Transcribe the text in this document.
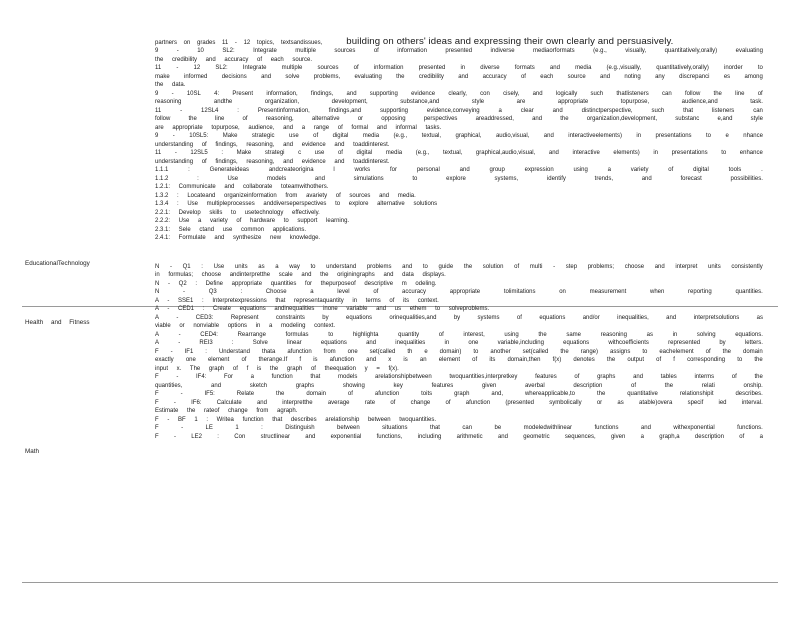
EducationalTechnology
Health and Fitness
Math
partners on grades 11 - 12 topics, textsandissues,	building on others' ideas and expressing their own clearly and persuasively.
9	-	10	SL2:	Integrate	multiple	sources	of	information	presented	indiverse	mediaorformats	(e.g.,	visually,	quantitatively,orally)	evaluating
the credibility and accuracy of each source.
11	-	12	SL2:	Integrate	multiple	sources	of	information	presented	in	diverse	formats	and	media	(e.g.,visually,	quantitatively,orally)	inorder	to
make informed decisions and solve problems, evaluating the credibility and accuracy of each source and noting any discrepanci es among
the data.
9 - 10SL 4: Present information, findings, and supporting evidence clearly, con cisely, and logically such thatlisteners can follow the line of
reasoning	andthe	organization,	development,	substance,and	style	are	appropriate	topurpose,	audience,and	task.
11	-	12SL4	:	Presentinformation,	findings,and	supporting	evidence,conveying	a	clear	and	distinctperspective,	such	that	listeners	can
follow	the	line	of	reasoning,	alternative	or	opposing	perspectives	areaddressed,	and	the	organization,development,	substanc	e,and	style
are appropriate topurpose, audience, and a range of formal and informal tasks.
9 - 10SL5: Make strategic use of digital media (e.g., textual, graphical, audio,visual, and interactiveelements) in presentations to e nhance
understanding of findings, reasoning, and evidence and toaddinterest.
11 - 12SL5 : Make strategi c use of digital media (e.g., textual, graphical,audio,visual, and interactive elements) in presentations to enhance
understanding of findings, reasoning, and evidence and toaddinterest.
1.1.1	:	Generateideas	andcreateorigina	l	works	for	personal	and	group	expression	using	a	variety	of	digital	tools	.
1.1.2	:	Use	models	and	simulations	to	explore	systems,	identify	trends,	and	forecast	possibilities.
1.2.1: Communicate and collaborate toteamwithothers.
1.3.2 : Locateand organizeinformation from avariety of sources and media.
1.3.4 : Use multipleprocesses anddiverseperspectives to explore alternative solutions
2.2.1: Develop skills to usetechnology effectively.
2.2.2: Use a variety of hardware to support learning.
2.3.1: Sele ctand use common applications.
2.4.1: Formulate and synthesize new knowledge.
N - Q1 : Use units as a way to understand problems and to guide the solution of multi - step problems; choose and interpret units consistently
in formulas; choose andinterpretthe scale and the originingraphs and data displays.
N - Q2 : Define appropriate quantities for thepurposeof descriptive m odeling.
N	-	Q3	:	Choose	a	level	of	accuracy	appropriate	tolimitations	on	measurement	when	reporting	quantities.
A - SSE1 : Interpretexpressions that representaquantity in terms of its context.
A - CED1 : Create equations andinequalities inone variable and us ethem to solveproblems.
A	-	CED3:	Represent	constraints	by	equations	orinequalities,and	by	systems	of	equations	and/or	inequalities,	and	interpretsolutions	as
viable or nonviable options in a modeling context.
A	-	CED4:	Rearrange	formulas	to	highlighta	quantity	of	interest,	using	the	same	reasoning	as	in	solving	equations.
A	-	REI3	:	Solve	linear	equations	and	inequalities	in	one	variable,including	equations	withcoefficients	represented	by	letters.
F - IF1 : Understand thata afunction from one set(called th e domain) to another set(called the range) assigns to eachelement of the domain
exactly one element of therange.If f is afunction and x is an element of its domain,then f(x) denotes the output of f corresponding to the
input x. The graph of f is the graph of theequation y = f(x).
F	-	IF4:	For	a	function	that	models	arelationshipbetween	twoquantities,interpretkey	features	of	graphs	and	tables	interms	of	the
quantities,	and	sketch	graphs	showing	key	features	given	averbal	description	of	the	relati	onship.
F	-	IF5:	Relate	the	domain	of	afunction	toits	graph	and,	whereapplicable,to	the	quantitative	relationshipit	describes.
F	-	IF6:	Calculate	and	interpretthe	average	rate	of	change	of	afunction	(presented	symbolically	or	as	atable)overa	specif	ied	interval.
Estimate the rateof change from agraph.
F - BF 1 : Writea function that describes arelationship between twoquantities.
F	-	LE	1	:	Distinguish	between	situations	that	can	be	modeledwithlinear	functions	and	withexponential	functions.
F	-	LE2	:	Con	structlinear	and	exponential	functions,	including	arithmetic	and	geometric	sequences,	given	a	graph,a	description	of	a
